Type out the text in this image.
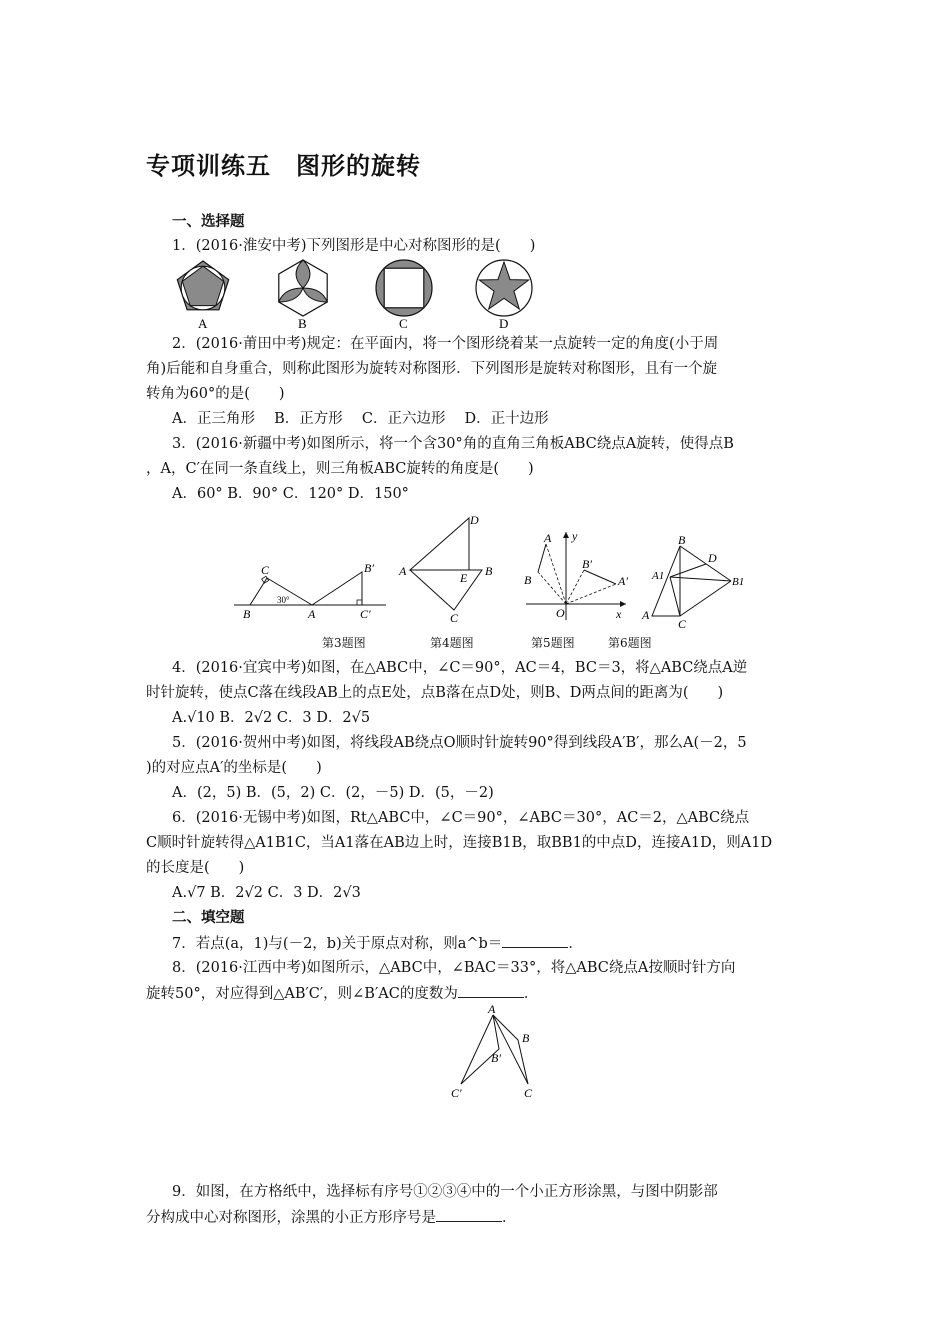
专项训练五　图形的旋转
一、选择题
1．(2016·淮安中考)下列图形是中心对称图形的是(　　)
A	B	C	D
2．(2016·莆田中考)规定：在平面内，将一个图形绕着某一点旋转一定的角度(小于周
角)后能和自身重合，则称此图形为旋转对称图形．下列图形是旋转对称图形，且有一个旋
转角为60°的是(　　)
A．正三角形　 B．正方形　 C．正六边形　 D．正十边形
3．(2016·新疆中考)如图所示，将一个含30°角的直角三角板ABC绕点A旋转，使得点B
，A，C′在同一条直线上，则三角板ABC旋转的角度是(　　)
A．60° B．90° C．120° D．150°
C
B
30°
A
B′
C′
D
A	E B
C
y
A
B′
A′
B
O	x
B
D
A1	B1
A
C
第3题图	第4题图	第5题图	第6题图
4．(2016·宜宾中考)如图，在△ABC中，∠C＝90°，AC＝4，BC＝3，将△ABC绕点A逆
时针旋转，使点C落在线段AB上的点E处，点B落在点D处，则B、D两点间的距离为(　　)
A.√10 B．2√2 C．3 D．2√5
5．(2016·贺州中考)如图，将线段AB绕点O顺时针旋转90°得到线段A′B′，那么A(－2，5
)的对应点A′的坐标是(　　)
A．(2，5) B．(5，2) C．(2，－5) D．(5，－2)
6．(2016·无锡中考)如图，Rt△ABC中，∠C＝90°，∠ABC＝30°，AC＝2，△ABC绕点
C顺时针旋转得△A1B1C，当A1落在AB边上时，连接B1B，取BB1的中点D，连接A1D，则A1D
的长度是(　　)
A.√7 B．2√2 C．3 D．2√3
二、填空题
7．若点(a，1)与(－2，b)关于原点对称，则a^b＝	．
8．(2016·江西中考)如图所示，△ABC中，∠BAC＝33°，将△ABC绕点A按顺时针方向
旋转50°，对应得到△AB′C′，则∠B′AC的度数为	．
A
B
B′
C′	C
9．如图，在方格纸中，选择标有序号①②③④中的一个小正方形涂黑，与图中阴影部
分构成中心对称图形，涂黑的小正方形序号是	．
